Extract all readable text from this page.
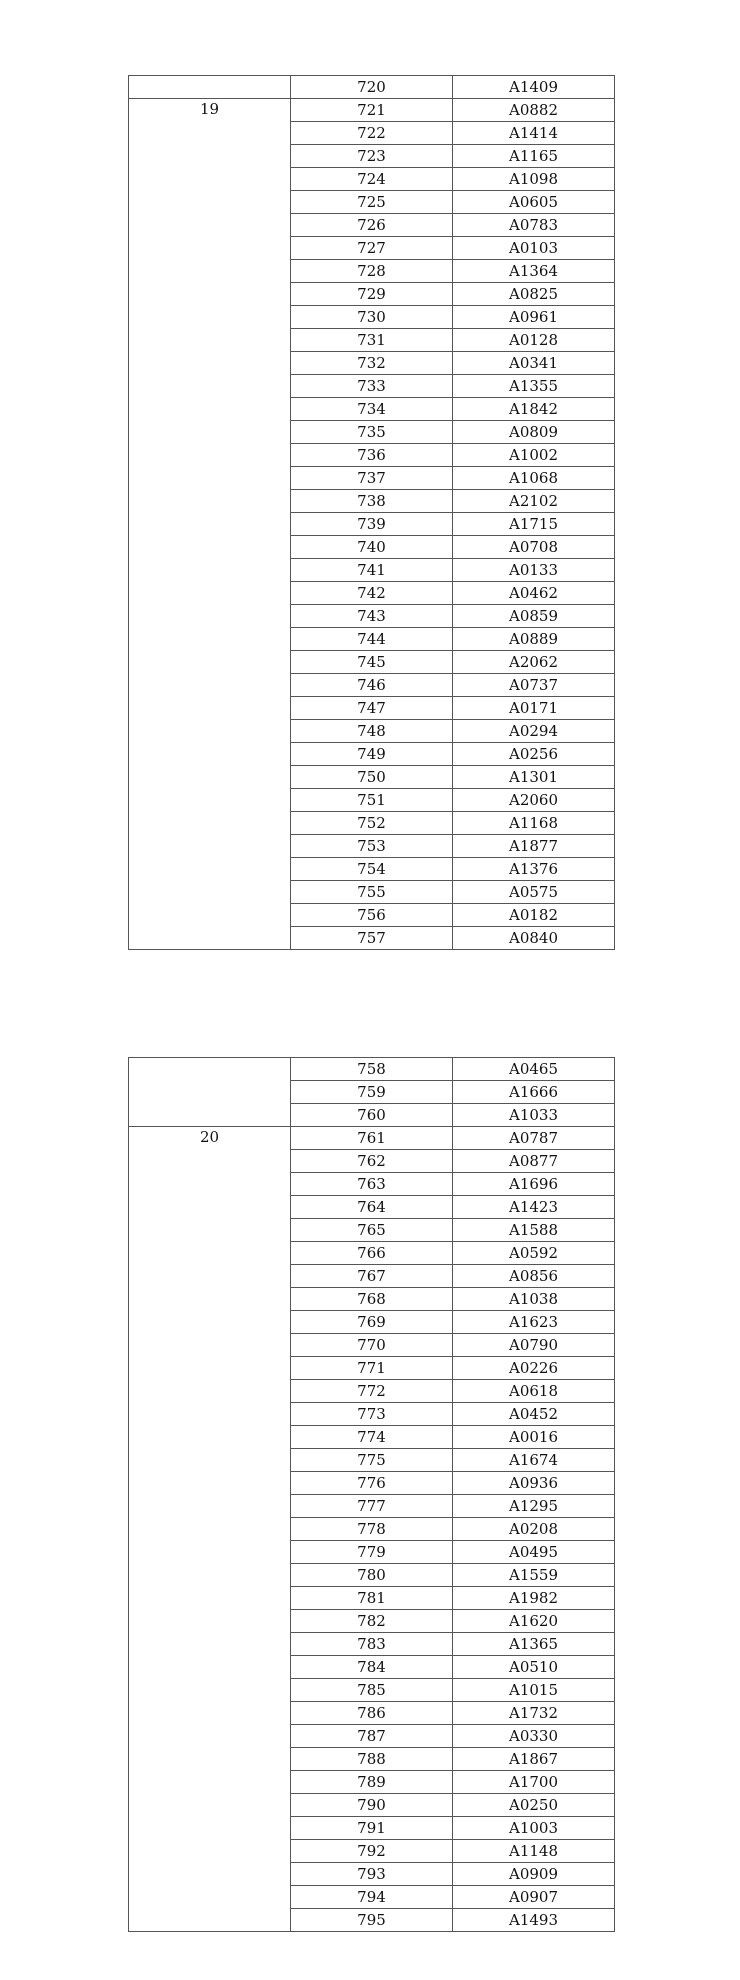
	720	A1409
19	721	A0882
	722	A1414
	723	A1165
	724	A1098
	725	A0605
	726	A0783
	727	A0103
	728	A1364
	729	A0825
	730	A0961
	731	A0128
	732	A0341
	733	A1355
	734	A1842
	735	A0809
	736	A1002
	737	A1068
	738	A2102
	739	A1715
	740	A0708
	741	A0133
	742	A0462
	743	A0859
	744	A0889
	745	A2062
	746	A0737
	747	A0171
	748	A0294
	749	A0256
	750	A1301
	751	A2060
	752	A1168
	753	A1877
	754	A1376
	755	A0575
	756	A0182
	757	A0840
	758	A0465
	759	A1666
	760	A1033
20	761	A0787
	762	A0877
	763	A1696
	764	A1423
	765	A1588
	766	A0592
	767	A0856
	768	A1038
	769	A1623
	770	A0790
	771	A0226
	772	A0618
	773	A0452
	774	A0016
	775	A1674
	776	A0936
	777	A1295
	778	A0208
	779	A0495
	780	A1559
	781	A1982
	782	A1620
	783	A1365
	784	A0510
	785	A1015
	786	A1732
	787	A0330
	788	A1867
	789	A1700
	790	A0250
	791	A1003
	792	A1148
	793	A0909
	794	A0907
	795	A1493
